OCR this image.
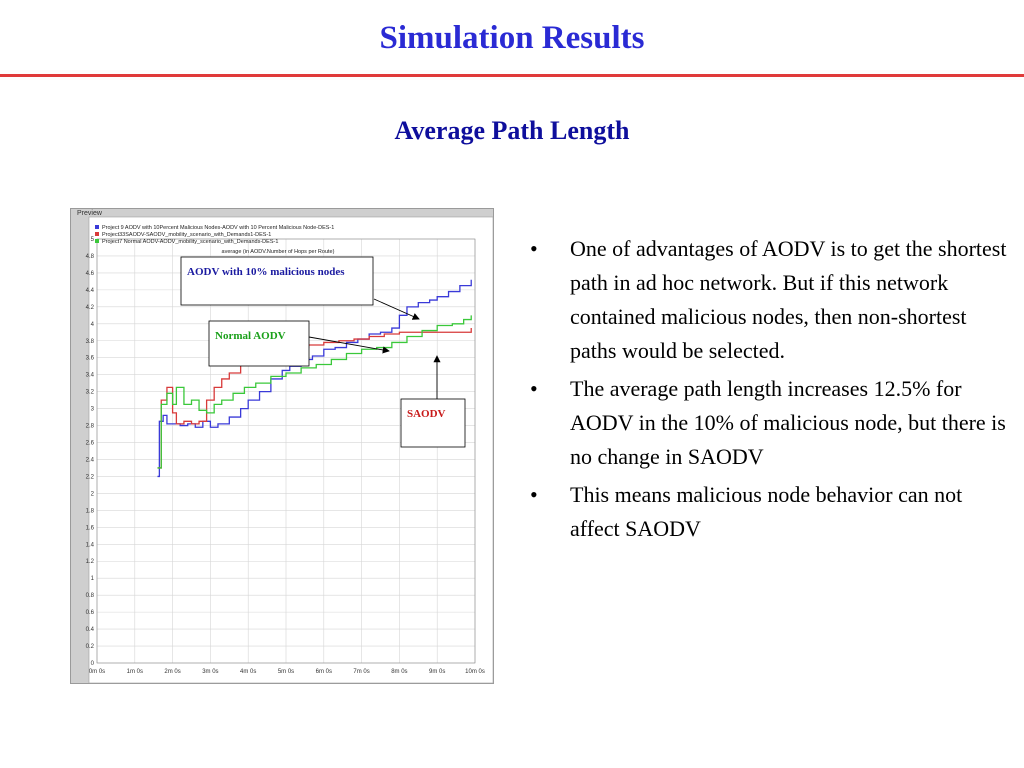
Simulation Results
Average Path Length
Preview
average (in AODV.Number of Hops per Route)
0
0.2
0.4
0.6
0.8
1
1.2
1.4
1.6
1.8
2
2.2
2.4
2.6
2.8
3
3.2
3.4
3.6
3.8
4
4.2
4.4
4.6
4.8
5
0m 0s	1m 0s	2m 0s	3m 0s	4m 0s	5m 0s	6m 0s	7m 0s	8m 0s	9m 0s	10m 0s
Project 9 AODV with 10Percent Malicious Nodes-AODV with 10 Percent Malicious Node-DES-1
Project33SAODV-SAODV_mobility_scenario_with_Demands1-DES-1
Project7 Normal AODV-AODV_mobility_scenario_with_Demands-DES-1
AODV with 10% malicious nodes
Normal AODV
SAODV
• One of advantages of AODV is to get the shortest path in ad hoc network. But if this network contained malicious nodes, then non-shortest paths would be selected.
• The average path length increases 12.5% for AODV in the 10% of malicious node, but there is no change in SAODV
• This means malicious node behavior can not affect SAODV
